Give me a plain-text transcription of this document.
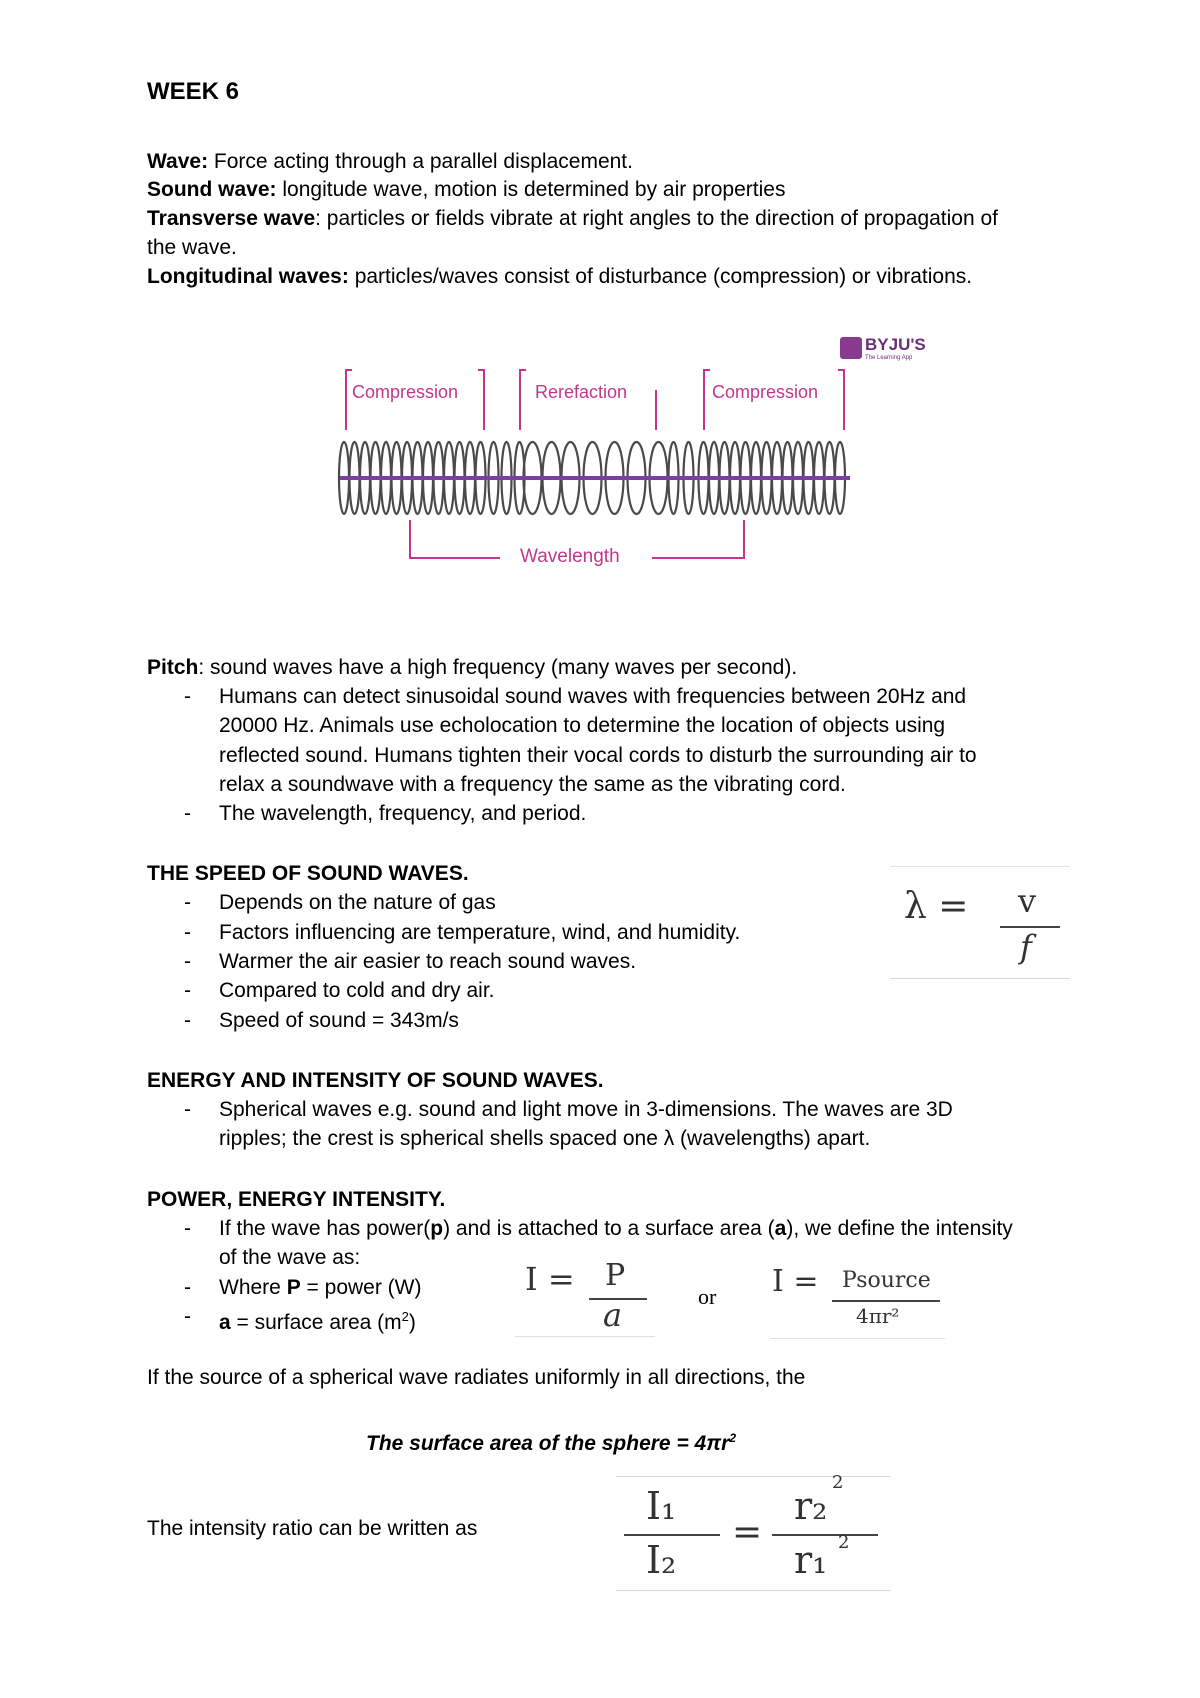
WEEK 6
Wave: Force acting through a parallel displacement.
Sound wave: longitude wave, motion is determined by air properties
Transverse wave: particles or fields vibrate at right angles to the direction of propagation of
the wave.
Longitudinal waves: particles/waves consist of disturbance (compression) or vibrations.
BYJU'S
The Learning App
Compression	Rerefaction	Compression
Wavelength
Pitch: sound waves have a high frequency (many waves per second).
- Humans can detect sinusoidal sound waves with frequencies between 20Hz and
20000 Hz. Animals use echolocation to determine the location of objects using
reflected sound. Humans tighten their vocal cords to disturb the surrounding air to
relax a soundwave with a frequency the same as the vibrating cord.
- The wavelength, frequency, and period.
THE SPEED OF SOUND WAVES.
- Depends on the nature of gas
- Factors influencing are temperature, wind, and humidity.
- Warmer the air easier to reach sound waves.
- Compared to cold and dry air.
- Speed of sound = 343m/s
λ = v
f
ENERGY AND INTENSITY OF SOUND WAVES.
- Spherical waves e.g. sound and light move in 3-dimensions. The waves are 3D
ripples; the crest is spherical shells spaced one λ (wavelengths) apart.
POWER, ENERGY INTENSITY.
- If the wave has power(p) and is attached to a surface area (a), we define the intensity
of the wave as:
- Where P = power (W)
- a = surface area $(m^2)$
I = P
a	or I = Psource
4πr²
If the source of a spherical wave radiates uniformly in all directions, the
The surface area of the sphere = $4\pi r^2$
The intensity ratio can be written as
I₁
I₂
=
r₂
2
r₁ 2
